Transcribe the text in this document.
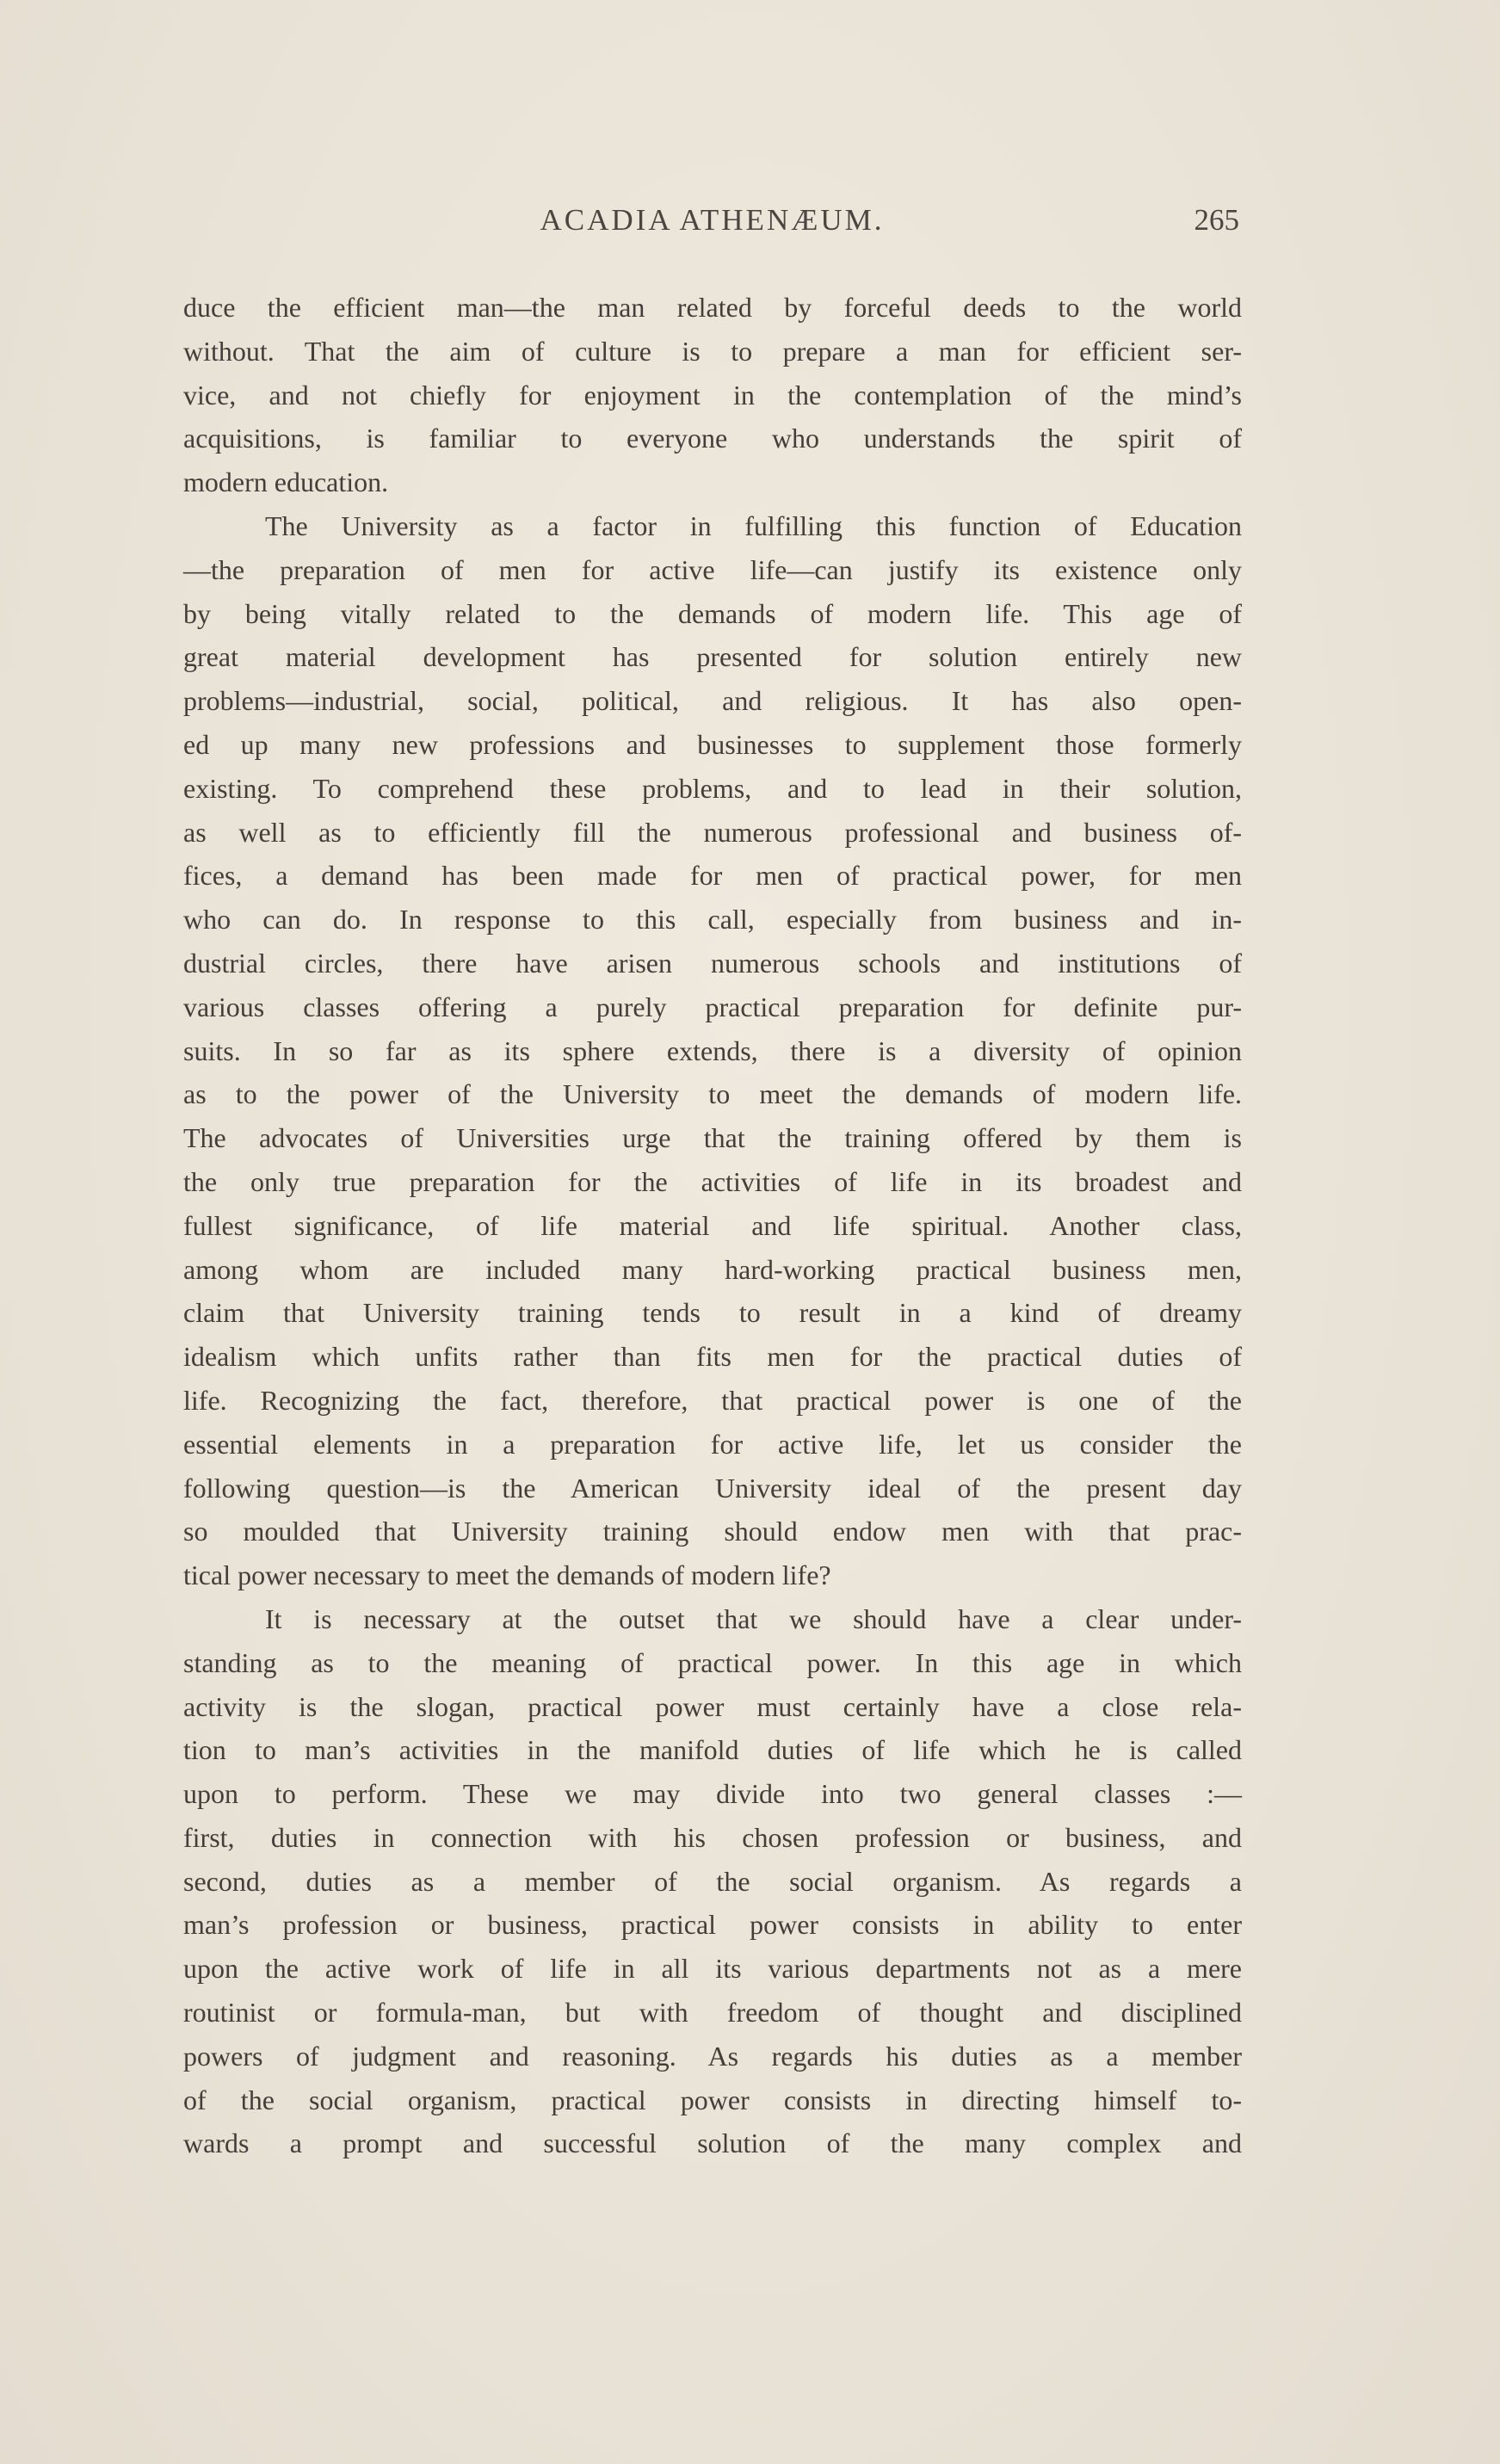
ACADIA ATHENÆUM.	265
duce the efficient man—the man related by forceful deeds to the world
without. That the aim of culture is to prepare a man for efficient ser-
vice, and not chiefly for enjoyment in the contemplation of the mind’s
acquisitions, is familiar to everyone who understands the spirit of
modern education.
The University as a factor in fulfilling this function of Education
—the preparation of men for active life—can justify its existence only
by being vitally related to the demands of modern life. This age of
great material development has presented for solution entirely new
problems—industrial, social, political, and religious. It has also open-
ed up many new professions and businesses to supplement those formerly
existing. To comprehend these problems, and to lead in their solution,
as well as to efficiently fill the numerous professional and business of-
fices, a demand has been made for men of practical power, for men
who can do. In response to this call, especially from business and in-
dustrial circles, there have arisen numerous schools and institutions of
various classes offering a purely practical preparation for definite pur-
suits. In so far as its sphere extends, there is a diversity of opinion
as to the power of the University to meet the demands of modern life.
The advocates of Universities urge that the training offered by them is
the only true preparation for the activities of life in its broadest and
fullest significance, of life material and life spiritual. Another class,
among whom are included many hard-working practical business men,
claim that University training tends to result in a kind of dreamy
idealism which unfits rather than fits men for the practical duties of
life. Recognizing the fact, therefore, that practical power is one of the
essential elements in a preparation for active life, let us consider the
following question—is the American University ideal of the present day
so moulded that University training should endow men with that prac-
tical power necessary to meet the demands of modern life?
It is necessary at the outset that we should have a clear under-
standing as to the meaning of practical power. In this age in which
activity is the slogan, practical power must certainly have a close rela-
tion to man’s activities in the manifold duties of life which he is called
upon to perform. These we may divide into two general classes :—
first, duties in connection with his chosen profession or business, and
second, duties as a member of the social organism. As regards a
man’s profession or business, practical power consists in ability to enter
upon the active work of life in all its various departments not as a mere
routinist or formula-man, but with freedom of thought and disciplined
powers of judgment and reasoning. As regards his duties as a member
of the social organism, practical power consists in directing himself to-
wards a prompt and successful solution of the many complex and
